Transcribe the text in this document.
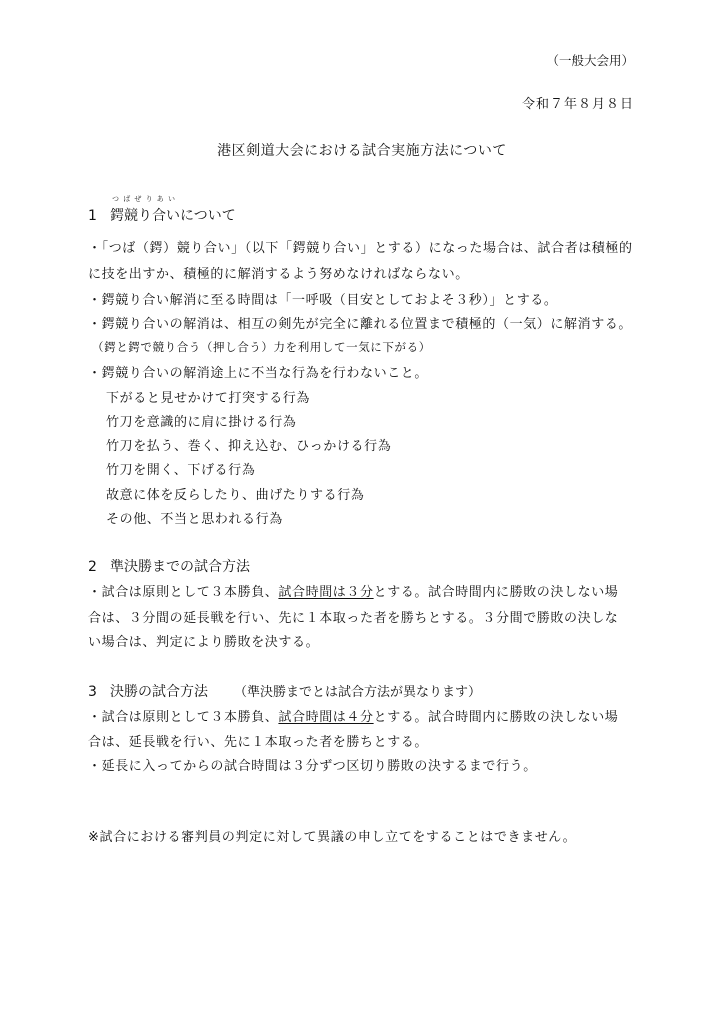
（一般大会用）
令和７年８月８日
港区剣道大会における試合実施方法について
つばぜりあい
1 鍔競り合いについて
・「つば（鍔）競り合い」（以下「鍔競り合い」とする）になった場合は、試合者は積極的
に技を出すか、積極的に解消するよう努めなければならない。
・鍔競り合い解消に至る時間は「一呼吸（目安としておよそ３秒）」とする。
・鍔競り合いの解消は、相互の剣先が完全に離れる位置まで積極的（一気）に解消する。
（鍔と鍔で競り合う（押し合う）力を利用して一気に下がる）
・鍔競り合いの解消途上に不当な行為を行わないこと。
下がると見せかけて打突する行為
竹刀を意識的に肩に掛ける行為
竹刀を払う、巻く、抑え込む、ひっかける行為
竹刀を開く、下げる行為
故意に体を反らしたり、曲げたりする行為
その他、不当と思われる行為
2 準決勝までの試合方法
・試合は原則として３本勝負、試合時間は３分とする。試合時間内に勝敗の決しない場
合は、３分間の延長戦を行い、先に１本取った者を勝ちとする。３分間で勝敗の決しな
い場合は、判定により勝敗を決する。
3 決勝の試合方法 （準決勝までとは試合方法が異なります）
・試合は原則として３本勝負、試合時間は４分とする。試合時間内に勝敗の決しない場
合は、延長戦を行い、先に１本取った者を勝ちとする。
・延長に入ってからの試合時間は３分ずつ区切り勝敗の決するまで行う。
※試合における審判員の判定に対して異議の申し立てをすることはできません。
